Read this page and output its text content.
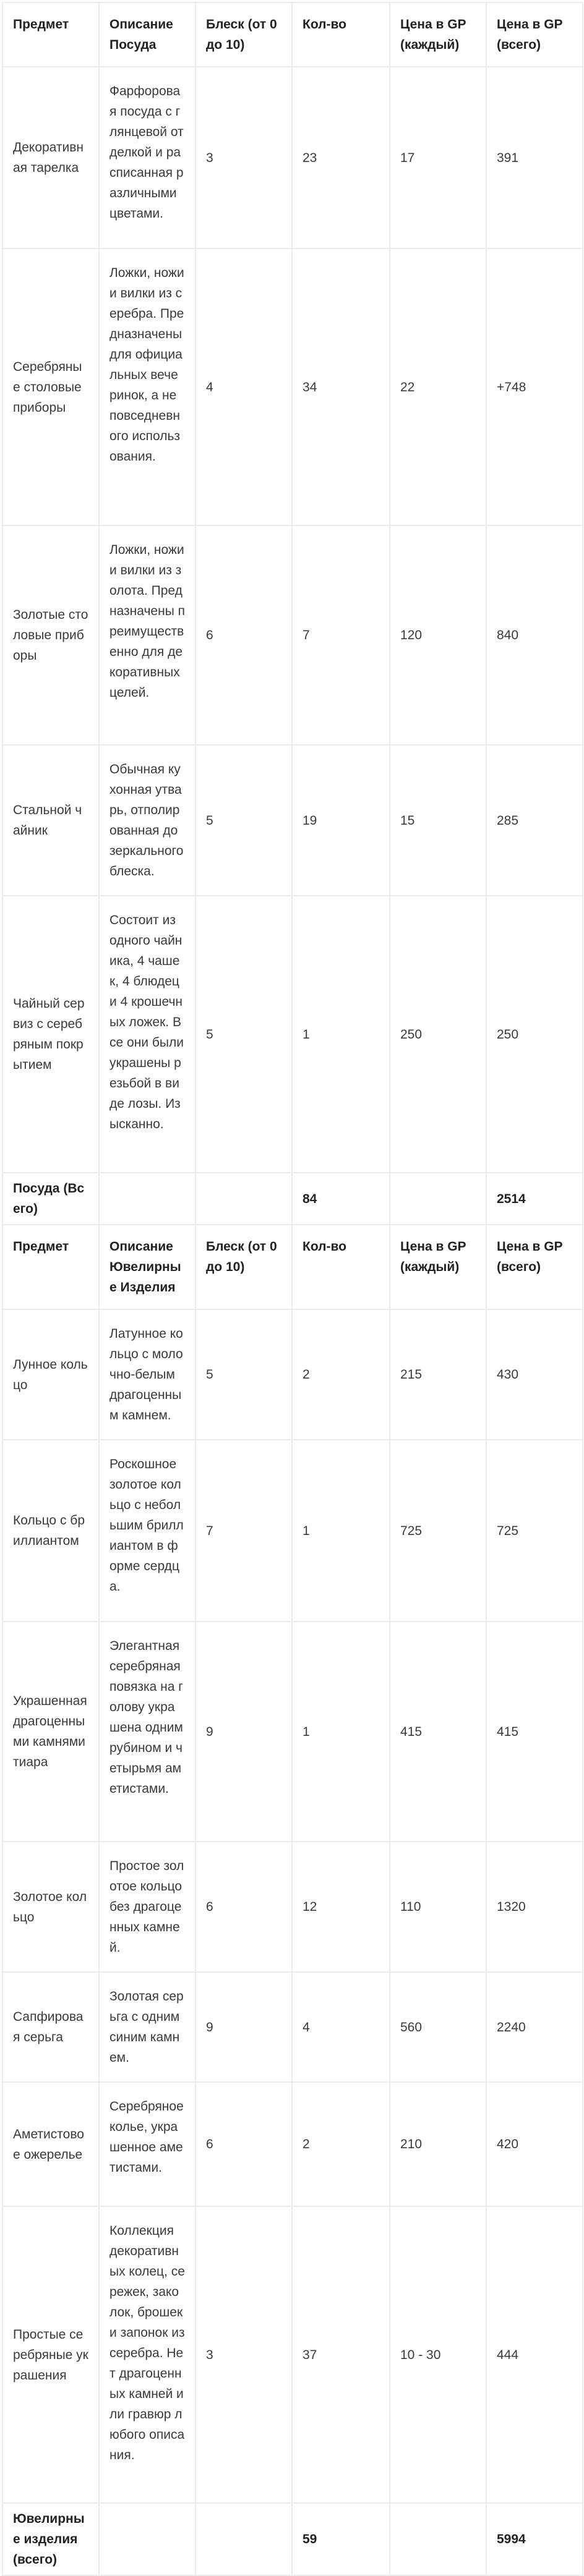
Предмет	Описание Посуда	Блеск (от 0 до 10)	Кол-во	Цена в GP (каждый)	Цена в GP (всего)
Декоративная тарелка	Фарфоровая посуда с глянцевой отделкой и расписанная различными цветами.	3	23	17	391
Серебряные столовые приборы	Ложки, ножи и вилки из серебра. Предназначены для официальных вечеринок, а не повседневного использования.	4	34	22	+748
Золотые столовые приборы	Ложки, ножи и вилки из золота. Предназначены преимущественно для декоративных целей.	6	7	120	840
Стальной чайник	Обычная кухонная утварь, отполированная до зеркального блеска.	5	19	15	285
Чайный сервиз с серебряным покрытием	Состоит из одного чайника, 4 чашек, 4 блюдец и 4 крошечных ложек. Все они были украшены резьбой в виде лозы. Изысканно.	5	1	250	250
Посуда (Всего)			84		2514
Предмет	Описание Ювелирные Изделия	Блеск (от 0 до 10)	Кол-во	Цена в GP (каждый)	Цена в GP (всего)
Лунное кольцо	Латунное кольцо с молочно-белым драгоценным камнем.	5	2	215	430
Кольцо с бриллиантом	Роскошное золотое кольцо с небольшим бриллиантом в форме сердца.	7	1	725	725
Украшенная драгоценными камнями тиара	Элегантная серебряная повязка на голову украшена одним рубином и четырьмя аметистами.	9	1	415	415
Золотое кольцо	Простое золотое кольцо без драгоценных камней.	6	12	110	1320
Сапфировая серьга	Золотая серьга с одним синим камнем.	9	4	560	2240
Аметистовое ожерелье	Серебряное колье, украшенное аметистами.	6	2	210	420
Простые серебряные украшения	Коллекция декоративных колец, сережек, заколок, брошек и запонок из серебра. Нет драгоценных камней или гравюр любого описания.	3	37	10 - 30	444
Ювелирные изделия (всего)			59		5994
